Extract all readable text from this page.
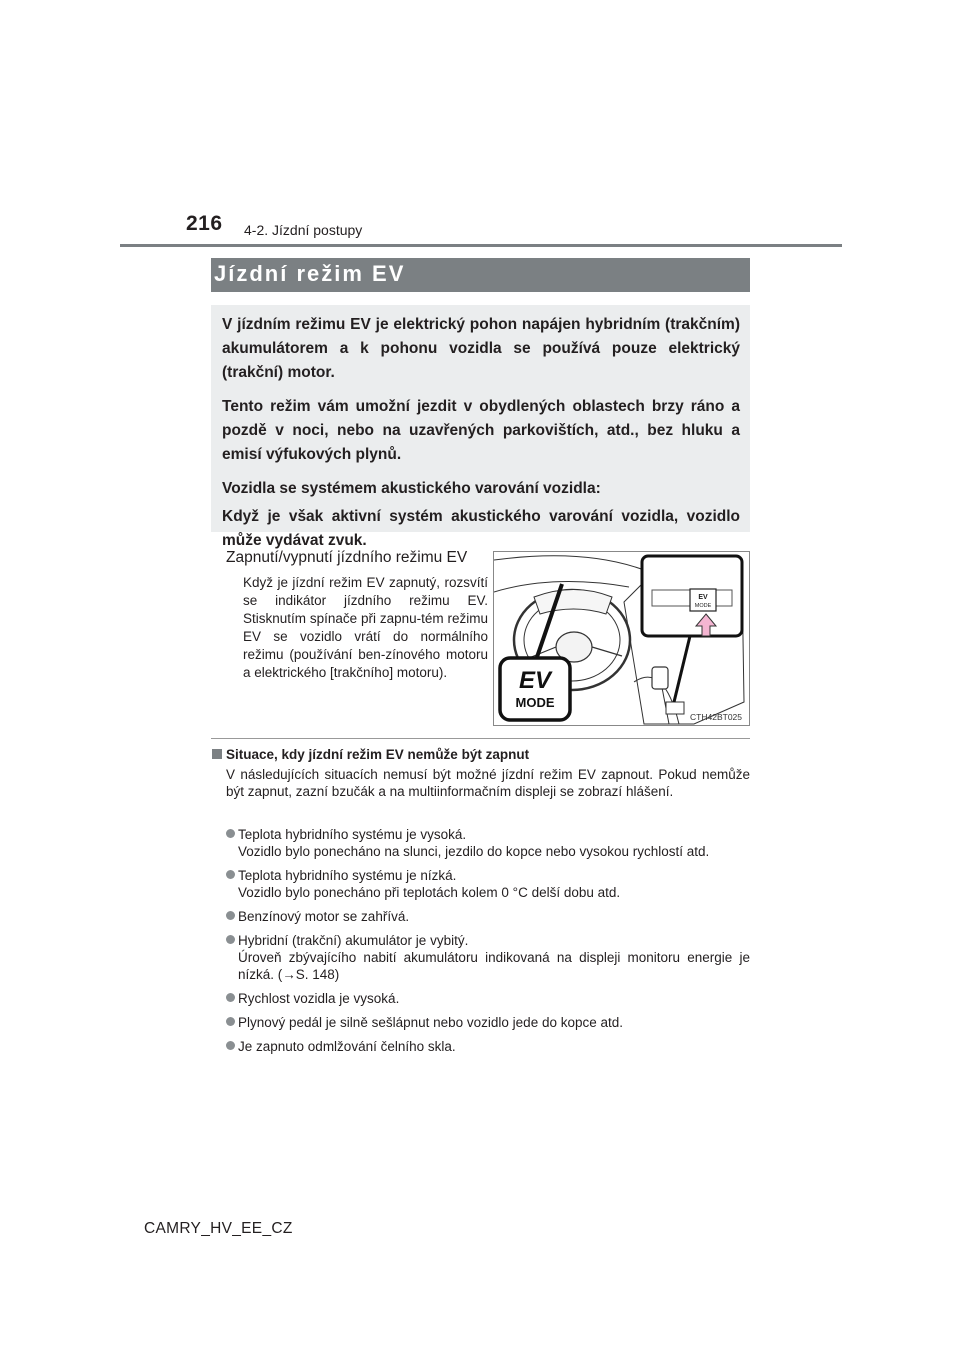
216 4-2. Jízdní postupy
Jízdní režim EV

V jízdním režimu EV je elektrický pohon napájen hybridním (trakčním) akumulátorem a k pohonu vozidla se používá pouze elektrický (trakční) motor.

Tento režim vám umožní jezdit v obydlených oblastech brzy ráno a pozdě v noci, nebo na uzavřených parkovištích, atd., bez hluku a emisí výfukových plynů.

Vozidla se systémem akustického varování vozidla:

Když je však aktivní systém akustického varování vozidla, vozidlo může vydávat zvuk.

Zapnutí/vypnutí jízdního režimu EV
Když je jízdní režim EV zapnutý, rozsvítí se indikátor jízdního režimu EV. Stisknutím spínače při zapnu-tém režimu EV se vozidlo vrátí do normálního režimu (používání ben-zínového motoru a elektrického [trakčního] motoru).
EV
MODE
EV
MODE
CTH42BT025
Situace, kdy jízdní režim EV nemůže být zapnut
V následujících situacích nemusí být možné jízdní režim EV zapnout. Pokud nemůže být zapnut, zazní bzučák a na multiinformačním displeji se zobrazí hlášení.
Teplota hybridního systému je vysoká.
Vozidlo bylo ponecháno na slunci, jezdilo do kopce nebo vysokou rychlostí atd.
Teplota hybridního systému je nízká.
Vozidlo bylo ponecháno při teplotách kolem 0 °C delší dobu atd.
Benzínový motor se zahřívá.
Hybridní (trakční) akumulátor je vybitý.
Úroveň zbývajícího nabití akumulátoru indikovaná na displeji monitoru energie je nízká. (→S. 148)
Rychlost vozidla je vysoká.
Plynový pedál je silně sešlápnut nebo vozidlo jede do kopce atd.
Je zapnuto odmlžování čelního skla.
CAMRY_HV_EE_CZ
